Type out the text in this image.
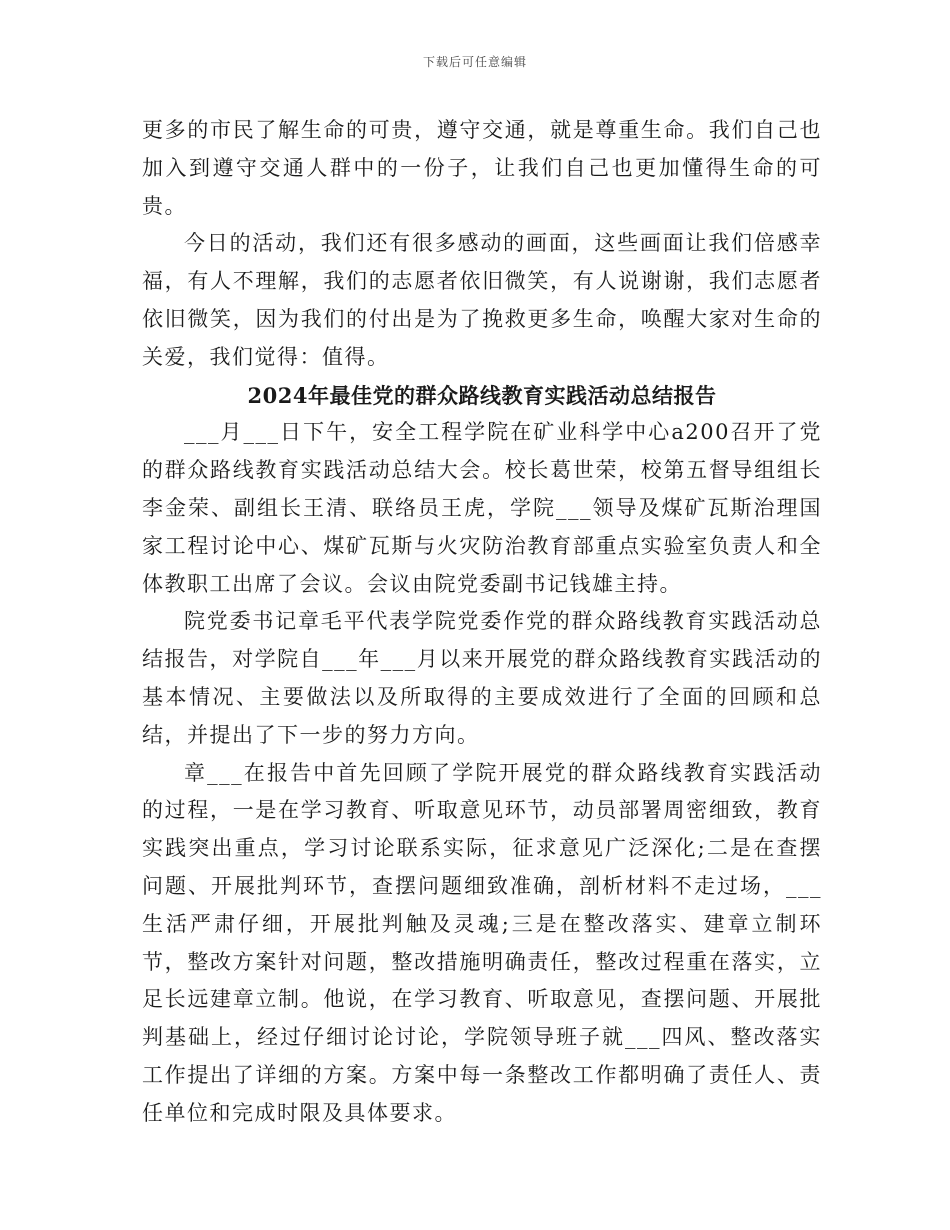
下载后可任意编辑

更多的市民了解生命的可贵，遵守交通，就是尊重生命。我们自己也加入到遵守交通人群中的一份子，让我们自己也更加懂得生命的可贵。

今日的活动，我们还有很多感动的画面，这些画面让我们倍感幸福，有人不理解，我们的志愿者依旧微笑，有人说谢谢，我们志愿者依旧微笑，因为我们的付出是为了挽救更多生命，唤醒大家对生命的关爱，我们觉得：值得。

2024年最佳党的群众路线教育实践活动总结报告

___月___日下午，安全工程学院在矿业科学中心a200召开了党的群众路线教育实践活动总结大会。校长葛世荣，校第五督导组组长李金荣、副组长王清、联络员王虎，学院___领导及煤矿瓦斯治理国家工程讨论中心、煤矿瓦斯与火灾防治教育部重点实验室负责人和全体教职工出席了会议。会议由院党委副书记钱雄主持。

院党委书记章毛平代表学院党委作党的群众路线教育实践活动总结报告，对学院自___年___月以来开展党的群众路线教育实践活动的基本情况、主要做法以及所取得的主要成效进行了全面的回顾和总结，并提出了下一步的努力方向。

章___在报告中首先回顾了学院开展党的群众路线教育实践活动的过程，一是在学习教育、听取意见环节，动员部署周密细致，教育实践突出重点，学习讨论联系实际，征求意见广泛深化;二是在查摆问题、开展批判环节，查摆问题细致准确，剖析材料不走过场，___生活严肃仔细，开展批判触及灵魂;三是在整改落实、建章立制环节，整改方案针对问题，整改措施明确责任，整改过程重在落实，立足长远建章立制。他说，在学习教育、听取意见，查摆问题、开展批判基础上，经过仔细讨论讨论，学院领导班子就___四风、整改落实工作提出了详细的方案。方案中每一条整改工作都明确了责任人、责任单位和完成时限及具体要求。
